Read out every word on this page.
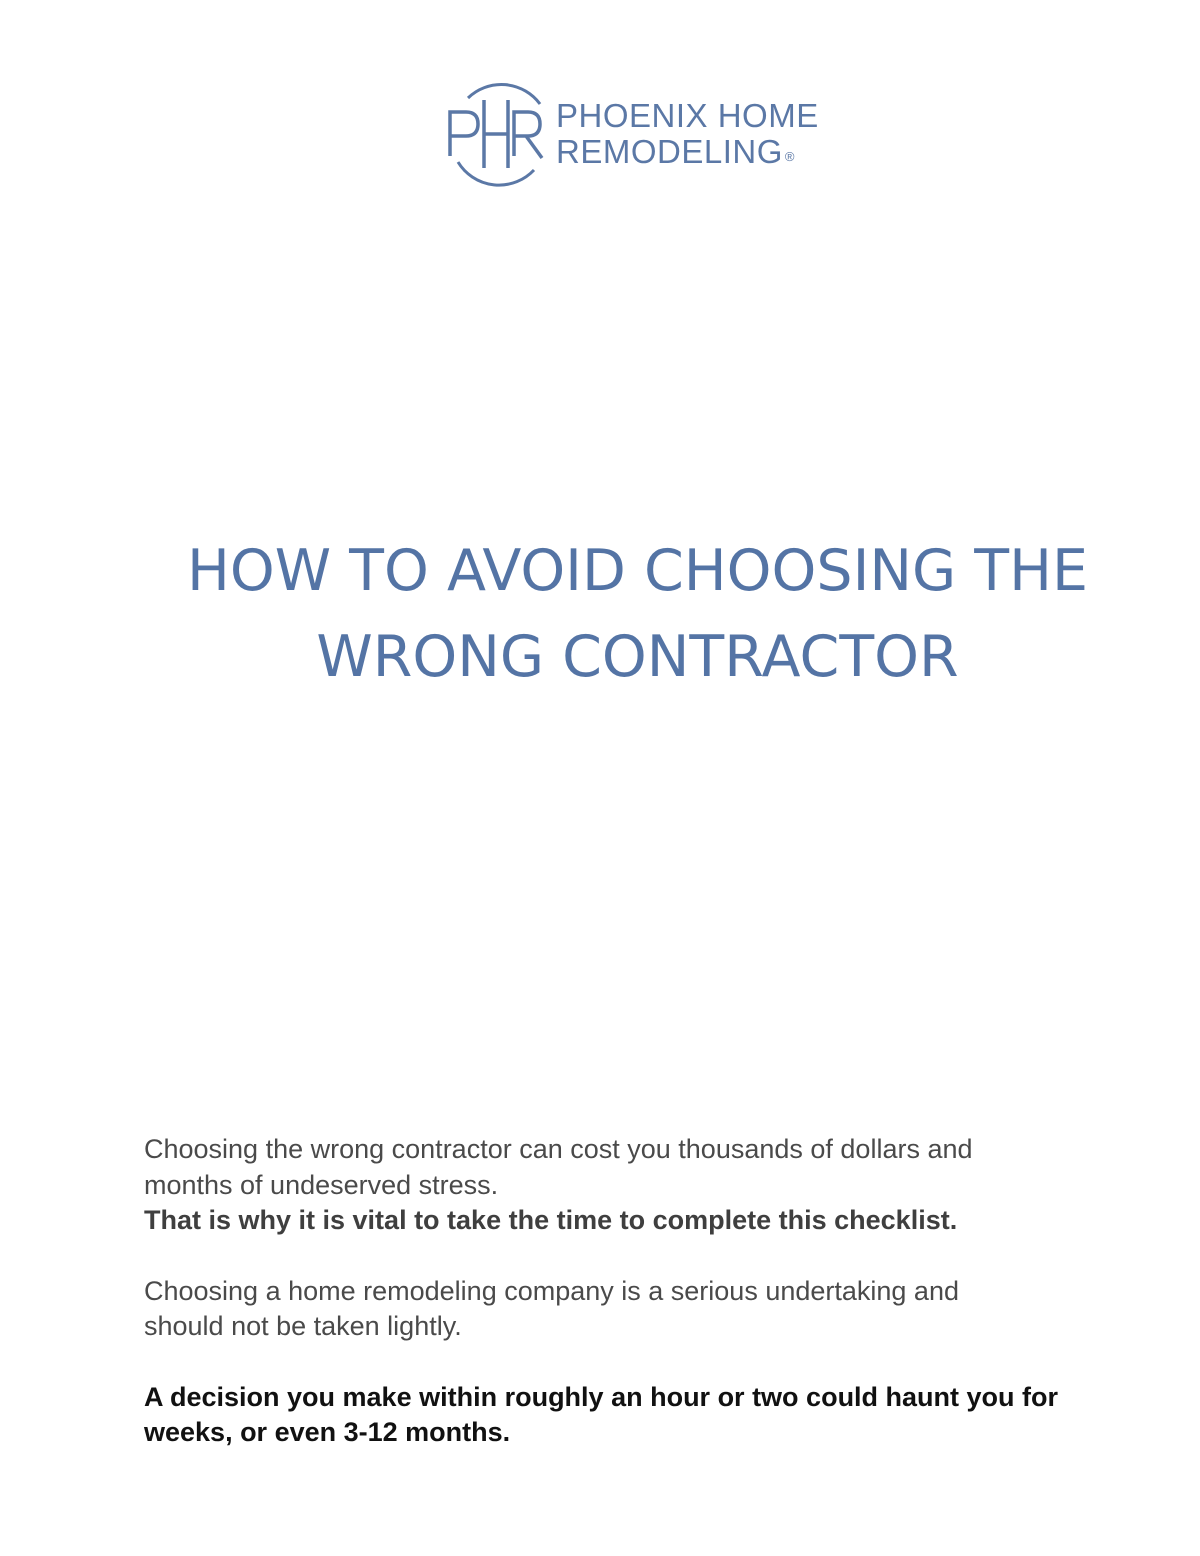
PHOENIX HOME
REMODELING ®
HOW TO AVOID CHOOSING THE
WRONG CONTRACTOR

Choosing the wrong contractor can cost you thousands of dollars and

months of undeserved stress.

That is why it is vital to take the time to complete this checklist.

Choosing a home remodeling company is a serious undertaking and

should not be taken lightly.

A decision you make within roughly an hour or two could haunt you for

weeks, or even 3-12 months.
